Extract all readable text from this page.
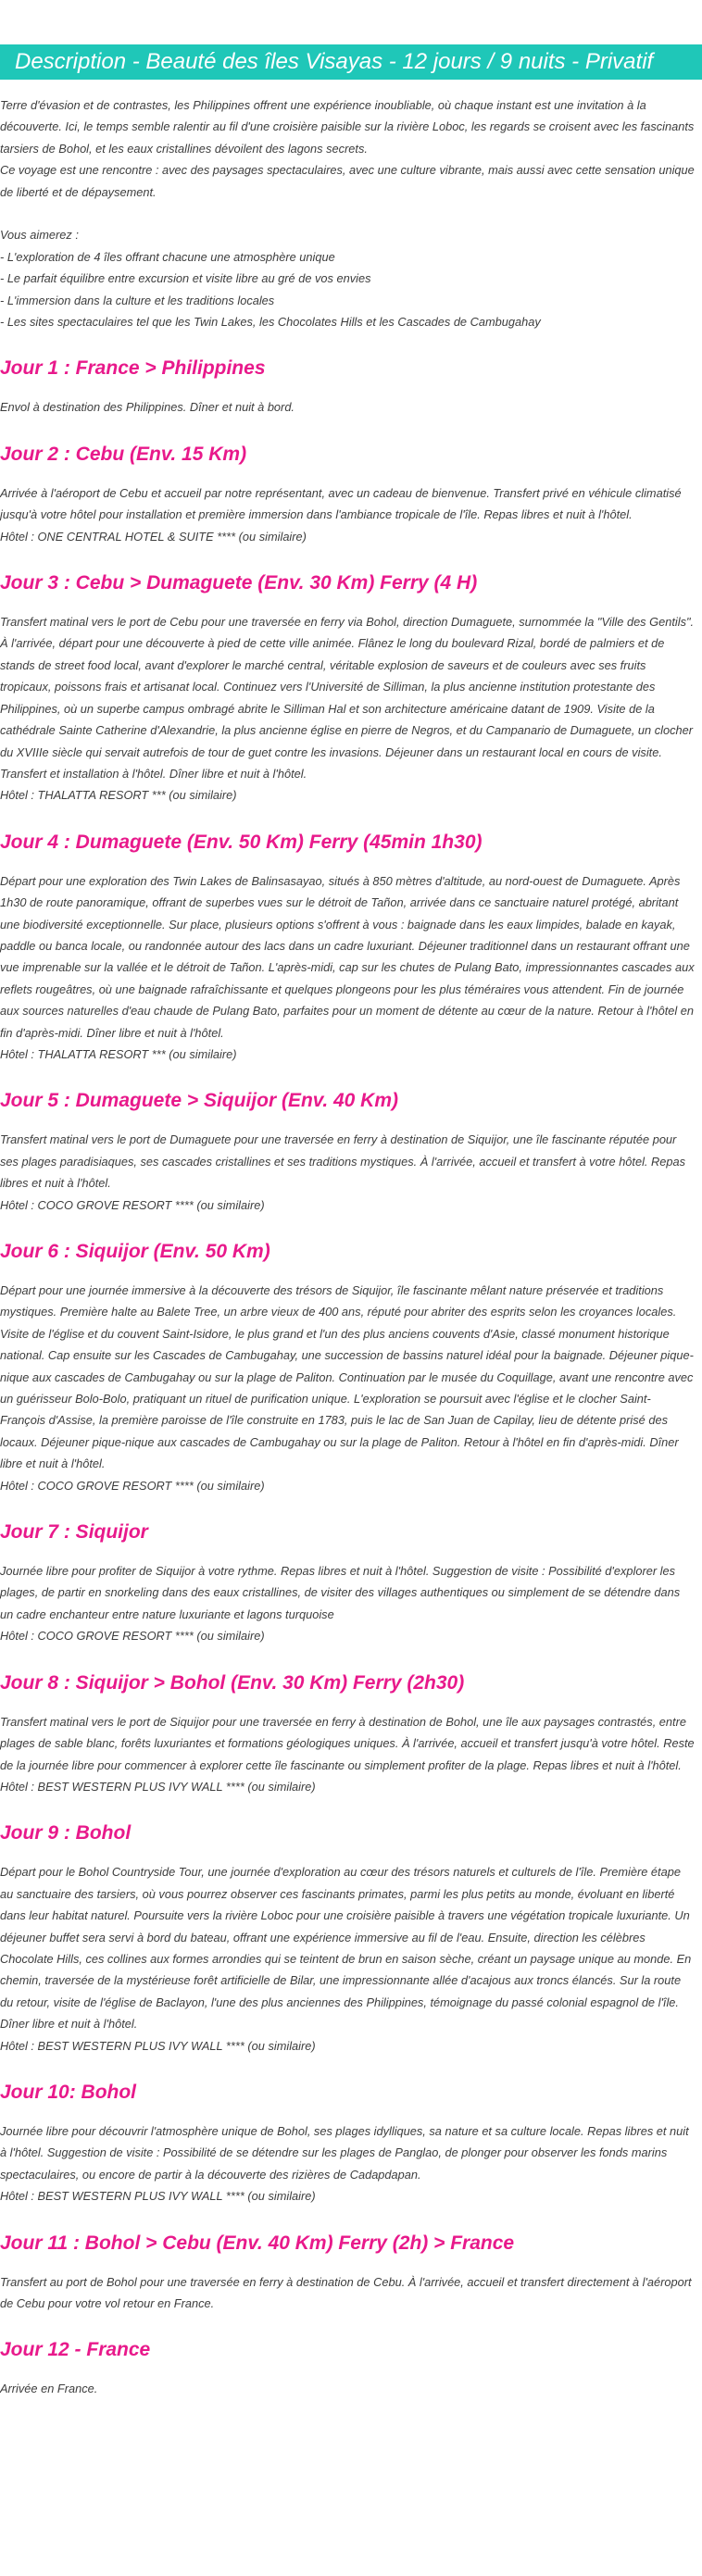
Description - Beauté des îles Visayas - 12 jours / 9 nuits - Privatif

Terre d'évasion et de contrastes, les Philippines offrent une expérience inoubliable, où chaque instant est une invitation à la découverte. Ici, le temps semble ralentir au fil d'une croisière paisible sur la rivière Loboc, les regards se croisent avec les fascinants tarsiers de Bohol, et les eaux cristallines dévoilent des lagons secrets.

Ce voyage est une rencontre : avec des paysages spectaculaires, avec une culture vibrante, mais aussi avec cette sensation unique de liberté et de dépaysement.

Vous aimerez :

- L'exploration de 4 îles offrant chacune une atmosphère unique

- Le parfait équilibre entre excursion et visite libre au gré de vos envies

- L'immersion dans la culture et les traditions locales

- Les sites spectaculaires tel que les Twin Lakes, les Chocolates Hills et les Cascades de Cambugahay

Jour 1 : France > Philippines

Envol à destination des Philippines. Dîner et nuit à bord.

Jour 2 : Cebu (Env. 15 Km)

Arrivée à l'aéroport de Cebu et accueil par notre représentant, avec un cadeau de bienvenue. Transfert privé en véhicule climatisé jusqu'à votre hôtel pour installation et première immersion dans l'ambiance tropicale de l'île. Repas libres et nuit à l'hôtel.

Hôtel : ONE CENTRAL HOTEL & SUITE **** (ou similaire)

Jour 3 : Cebu > Dumaguete (Env. 30 Km) Ferry (4 H)

Transfert matinal vers le port de Cebu pour une traversée en ferry via Bohol, direction Dumaguete, surnommée la "Ville des Gentils". À l'arrivée, départ pour une découverte à pied de cette ville animée. Flânez le long du boulevard Rizal, bordé de palmiers et de stands de street food local, avant d'explorer le marché central, véritable explosion de saveurs et de couleurs avec ses fruits tropicaux, poissons frais et artisanat local. Continuez vers l'Université de Silliman, la plus ancienne institution protestante des Philippines, où un superbe campus ombragé abrite le Silliman Hal et son architecture américaine datant de 1909. Visite de la cathédrale Sainte Catherine d'Alexandrie, la plus ancienne église en pierre de Negros, et du Campanario de Dumaguete, un clocher du XVIIIe siècle qui servait autrefois de tour de guet contre les invasions. Déjeuner dans un restaurant local en cours de visite. Transfert et installation à l'hôtel. Dîner libre et nuit à l'hôtel.

Hôtel : THALATTA RESORT *** (ou similaire)

Jour 4 : Dumaguete (Env. 50 Km) Ferry (45min 1h30)

Départ pour une exploration des Twin Lakes de Balinsasayao, situés à 850 mètres d'altitude, au nord-ouest de Dumaguete. Après 1h30 de route panoramique, offrant de superbes vues sur le détroit de Tañon, arrivée dans ce sanctuaire naturel protégé, abritant une biodiversité exceptionnelle. Sur place, plusieurs options s'offrent à vous : baignade dans les eaux limpides, balade en kayak, paddle ou banca locale, ou randonnée autour des lacs dans un cadre luxuriant. Déjeuner traditionnel dans un restaurant offrant une vue imprenable sur la vallée et le détroit de Tañon. L'après-midi, cap sur les chutes de Pulang Bato, impressionnantes cascades aux reflets rougeâtres, où une baignade rafraîchissante et quelques plongeons pour les plus téméraires vous attendent. Fin de journée aux sources naturelles d'eau chaude de Pulang Bato, parfaites pour un moment de détente au cœur de la nature. Retour à l'hôtel en fin d'après-midi. Dîner libre et nuit à l'hôtel.

Hôtel : THALATTA RESORT *** (ou similaire)

Jour 5 : Dumaguete > Siquijor (Env. 40 Km)

Transfert matinal vers le port de Dumaguete pour une traversée en ferry à destination de Siquijor, une île fascinante réputée pour ses plages paradisiaques, ses cascades cristallines et ses traditions mystiques. À l'arrivée, accueil et transfert à votre hôtel. Repas libres et nuit à l'hôtel.

Hôtel : COCO GROVE RESORT **** (ou similaire)

Jour 6 : Siquijor (Env. 50 Km)

Départ pour une journée immersive à la découverte des trésors de Siquijor, île fascinante mêlant nature préservée et traditions mystiques. Première halte au Balete Tree, un arbre vieux de 400 ans, réputé pour abriter des esprits selon les croyances locales. Visite de l'église et du couvent Saint-Isidore, le plus grand et l'un des plus anciens couvents d'Asie, classé monument historique national. Cap ensuite sur les Cascades de Cambugahay, une succession de bassins naturel idéal pour la baignade. Déjeuner pique-nique aux cascades de Cambugahay ou sur la plage de Paliton. Continuation par le musée du Coquillage, avant une rencontre avec un guérisseur Bolo-Bolo, pratiquant un rituel de purification unique. L'exploration se poursuit avec l'église et le clocher Saint-François d'Assise, la première paroisse de l'île construite en 1783, puis le lac de San Juan de Capilay, lieu de détente prisé des locaux. Déjeuner pique-nique aux cascades de Cambugahay ou sur la plage de Paliton. Retour à l'hôtel en fin d'après-midi. Dîner libre et nuit à l'hôtel.

Hôtel : COCO GROVE RESORT **** (ou similaire)

Jour 7 : Siquijor

Journée libre pour profiter de Siquijor à votre rythme. Repas libres et nuit à l'hôtel. Suggestion de visite : Possibilité d'explorer les plages, de partir en snorkeling dans des eaux cristallines, de visiter des villages authentiques ou simplement de se détendre dans un cadre enchanteur entre nature luxuriante et lagons turquoise

Hôtel : COCO GROVE RESORT **** (ou similaire)

Jour 8 : Siquijor > Bohol (Env. 30 Km) Ferry (2h30)

Transfert matinal vers le port de Siquijor pour une traversée en ferry à destination de Bohol, une île aux paysages contrastés, entre plages de sable blanc, forêts luxuriantes et formations géologiques uniques. À l'arrivée, accueil et transfert jusqu'à votre hôtel. Reste de la journée libre pour commencer à explorer cette île fascinante ou simplement profiter de la plage. Repas libres et nuit à l'hôtel.

Hôtel : BEST WESTERN PLUS IVY WALL **** (ou similaire)

Jour 9 : Bohol

Départ pour le Bohol Countryside Tour, une journée d'exploration au cœur des trésors naturels et culturels de l'île. Première étape au sanctuaire des tarsiers, où vous pourrez observer ces fascinants primates, parmi les plus petits au monde, évoluant en liberté dans leur habitat naturel. Poursuite vers la rivière Loboc pour une croisière paisible à travers une végétation tropicale luxuriante. Un déjeuner buffet sera servi à bord du bateau, offrant une expérience immersive au fil de l'eau. Ensuite, direction les célèbres Chocolate Hills, ces collines aux formes arrondies qui se teintent de brun en saison sèche, créant un paysage unique au monde. En chemin, traversée de la mystérieuse forêt artificielle de Bilar, une impressionnante allée d'acajous aux troncs élancés. Sur la route du retour, visite de l'église de Baclayon, l'une des plus anciennes des Philippines, témoignage du passé colonial espagnol de l'île. Dîner libre et nuit à l'hôtel.

Hôtel : BEST WESTERN PLUS IVY WALL **** (ou similaire)

Jour 10: Bohol

Journée libre pour découvrir l'atmosphère unique de Bohol, ses plages idylliques, sa nature et sa culture locale. Repas libres et nuit à l'hôtel. Suggestion de visite : Possibilité de se détendre sur les plages de Panglao, de plonger pour observer les fonds marins spectaculaires, ou encore de partir à la découverte des rizières de Cadapdapan.

Hôtel : BEST WESTERN PLUS IVY WALL **** (ou similaire)

Jour 11 : Bohol > Cebu (Env. 40 Km) Ferry (2h) > France

Transfert au port de Bohol pour une traversée en ferry à destination de Cebu. À l'arrivée, accueil et transfert directement à l'aéroport de Cebu pour votre vol retour en France.

Jour 12 - France

Arrivée en France.
